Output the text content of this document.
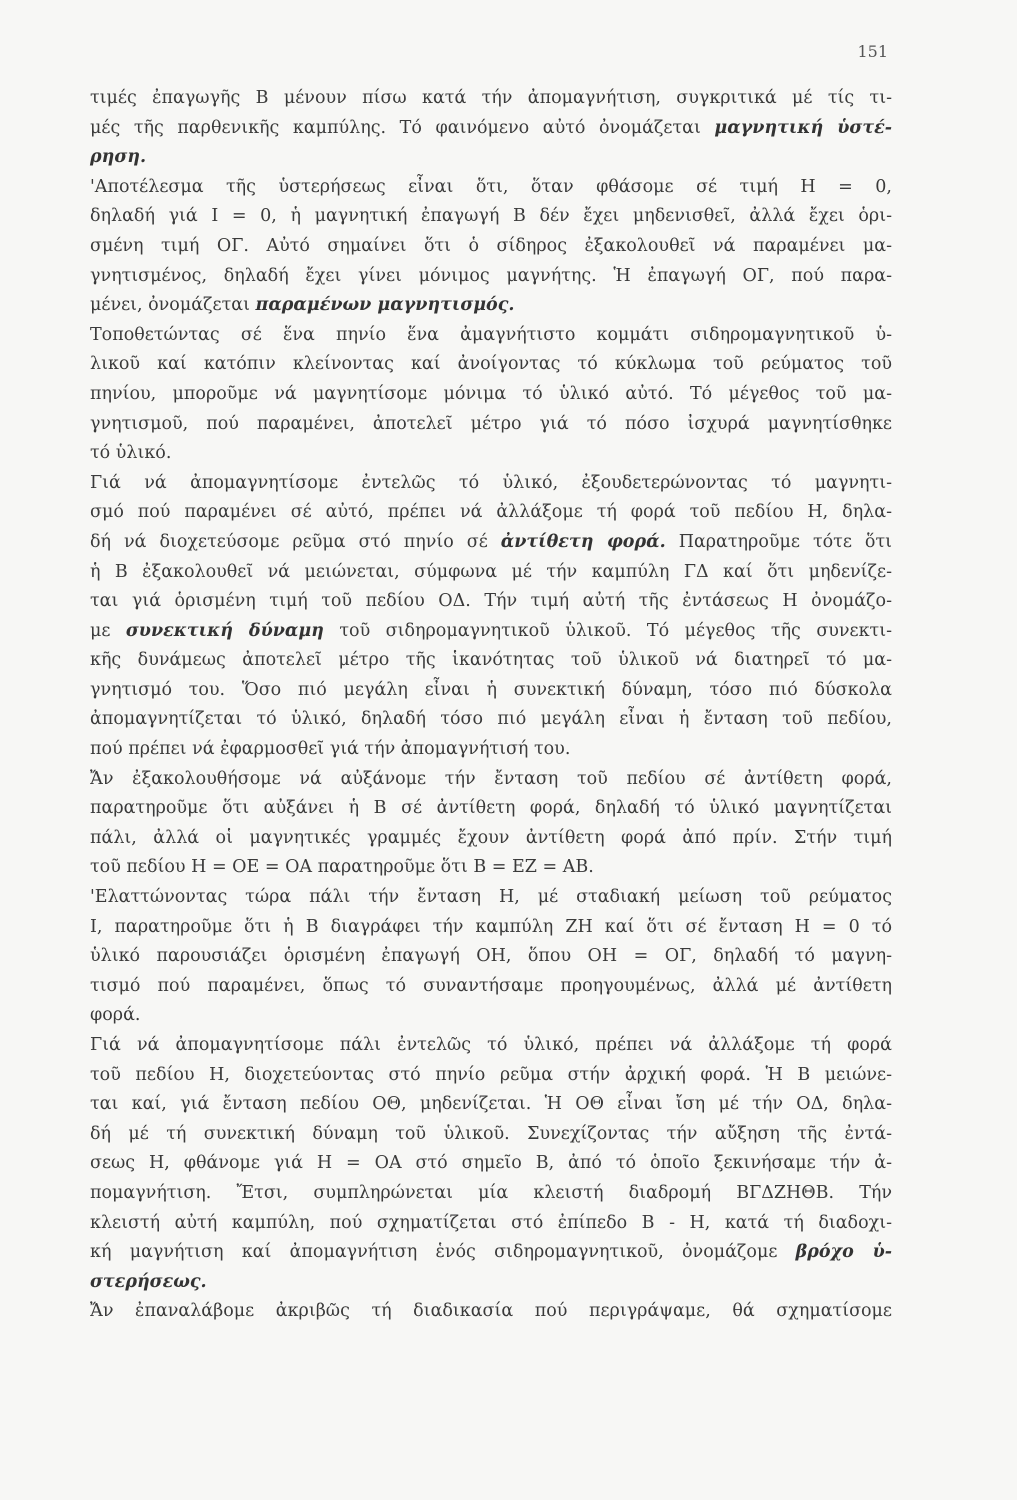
151
τιμές ἐπαγωγῆς Β μένουν πίσω κατά τήν ἀπομαγνήτιση, συγκριτικά μέ τίς τι-
μές τῆς παρθενικῆς καμπύλης. Τό φαινόμενο αὐτό ὀνομάζεται μαγνητική ὑστέ-
ρηση.
'Αποτέλεσμα τῆς ὑστερήσεως εἶναι ὅτι, ὅταν φθάσομε σέ τιμή Η = 0,
δηλαδή γιά Ι = 0, ἡ μαγνητική ἐπαγωγή Β δέν ἔχει μηδενισθεῖ, ἀλλά ἔχει ὁρι-
σμένη τιμή ΟΓ. Αὐτό σημαίνει ὅτι ὁ σίδηρος ἐξακολουθεῖ νά παραμένει μα-
γνητισμένος, δηλαδή ἔχει γίνει μόνιμος μαγνήτης. Ἡ ἐπαγωγή ΟΓ, πού παρα-
μένει, ὀνομάζεται παραμένων μαγνητισμός.
Τοποθετώντας σέ ἕνα πηνίο ἕνα ἀμαγνήτιστο κομμάτι σιδηρομαγνητικοῦ ὑ-
λικοῦ καί κατόπιν κλείνοντας καί ἀνοίγοντας τό κύκλωμα τοῦ ρεύματος τοῦ
πηνίου, μποροῦμε νά μαγνητίσομε μόνιμα τό ὑλικό αὐτό. Τό μέγεθος τοῦ μα-
γνητισμοῦ, πού παραμένει, ἀποτελεῖ μέτρο γιά τό πόσο ἰσχυρά μαγνητίσθηκε
τό ὑλικό.
Γιά νά ἀπομαγνητίσομε ἐντελῶς τό ὑλικό, ἐξουδετερώνοντας τό μαγνητι-
σμό πού παραμένει σέ αὐτό, πρέπει νά ἀλλάξομε τή φορά τοῦ πεδίου Η, δηλα-
δή νά διοχετεύσομε ρεῦμα στό πηνίο σέ ἀντίθετη φορά. Παρατηροῦμε τότε ὅτι
ἡ Β ἐξακολουθεῖ νά μειώνεται, σύμφωνα μέ τήν καμπύλη ΓΔ καί ὅτι μηδενίζε-
ται γιά ὁρισμένη τιμή τοῦ πεδίου ΟΔ. Τήν τιμή αὐτή τῆς ἐντάσεως Η ὀνομάζο-
με συνεκτική δύναμη τοῦ σιδηρομαγνητικοῦ ὑλικοῦ. Τό μέγεθος τῆς συνεκτι-
κῆς δυνάμεως ἀποτελεῖ μέτρο τῆς ἱκανότητας τοῦ ὑλικοῦ νά διατηρεῖ τό μα-
γνητισμό του. Ὅσο πιό μεγάλη εἶναι ἡ συνεκτική δύναμη, τόσο πιό δύσκολα
ἀπομαγνητίζεται τό ὑλικό, δηλαδή τόσο πιό μεγάλη εἶναι ἡ ἔνταση τοῦ πεδίου,
πού πρέπει νά ἐφαρμοσθεῖ γιά τήν ἀπομαγνήτισή του.
Ἄν ἐξακολουθήσομε νά αὐξάνομε τήν ἔνταση τοῦ πεδίου σέ ἀντίθετη φορά,
παρατηροῦμε ὅτι αὐξάνει ἡ Β σέ ἀντίθετη φορά, δηλαδή τό ὑλικό μαγνητίζεται
πάλι, ἀλλά οἱ μαγνητικές γραμμές ἔχουν ἀντίθετη φορά ἀπό πρίν. Στήν τιμή
τοῦ πεδίου Η = ΟΕ = ΟΑ παρατηροῦμε ὅτι Β = ΕΖ = ΑΒ.
'Ελαττώνοντας τώρα πάλι τήν ἔνταση Η, μέ σταδιακή μείωση τοῦ ρεύματος
Ι, παρατηροῦμε ὅτι ἡ Β διαγράφει τήν καμπύλη ΖΗ καί ὅτι σέ ἔνταση Η = 0 τό
ὑλικό παρουσιάζει ὁρισμένη ἐπαγωγή ΟΗ, ὅπου ΟΗ = ΟΓ, δηλαδή τό μαγνη-
τισμό πού παραμένει, ὅπως τό συναντήσαμε προηγουμένως, ἀλλά μέ ἀντίθετη
φορά.
Γιά νά ἀπομαγνητίσομε πάλι ἐντελῶς τό ὑλικό, πρέπει νά ἀλλάξομε τή φορά
τοῦ πεδίου Η, διοχετεύοντας στό πηνίο ρεῦμα στήν ἀρχική φορά. Ἡ Β μειώνε-
ται καί, γιά ἔνταση πεδίου ΟΘ, μηδενίζεται. Ἡ ΟΘ εἶναι ἴση μέ τήν ΟΔ, δηλα-
δή μέ τή συνεκτική δύναμη τοῦ ὑλικοῦ. Συνεχίζοντας τήν αὔξηση τῆς ἐντά-
σεως Η, φθάνομε γιά Η = ΟΑ στό σημεῖο Β, ἀπό τό ὁποῖο ξεκινήσαμε τήν ἀ-
πομαγνήτιση. Ἔτσι, συμπληρώνεται μία κλειστή διαδρομή ΒΓΔΖΗΘΒ. Τήν
κλειστή αὐτή καμπύλη, πού σχηματίζεται στό ἐπίπεδο Β - Η, κατά τή διαδοχι-
κή μαγνήτιση καί ἀπομαγνήτιση ἑνός σιδηρομαγνητικοῦ, ὀνομάζομε βρόχο ὑ-
στερήσεως.
Ἄν ἐπαναλάβομε ἀκριβῶς τή διαδικασία πού περιγράψαμε, θά σχηματίσομε
